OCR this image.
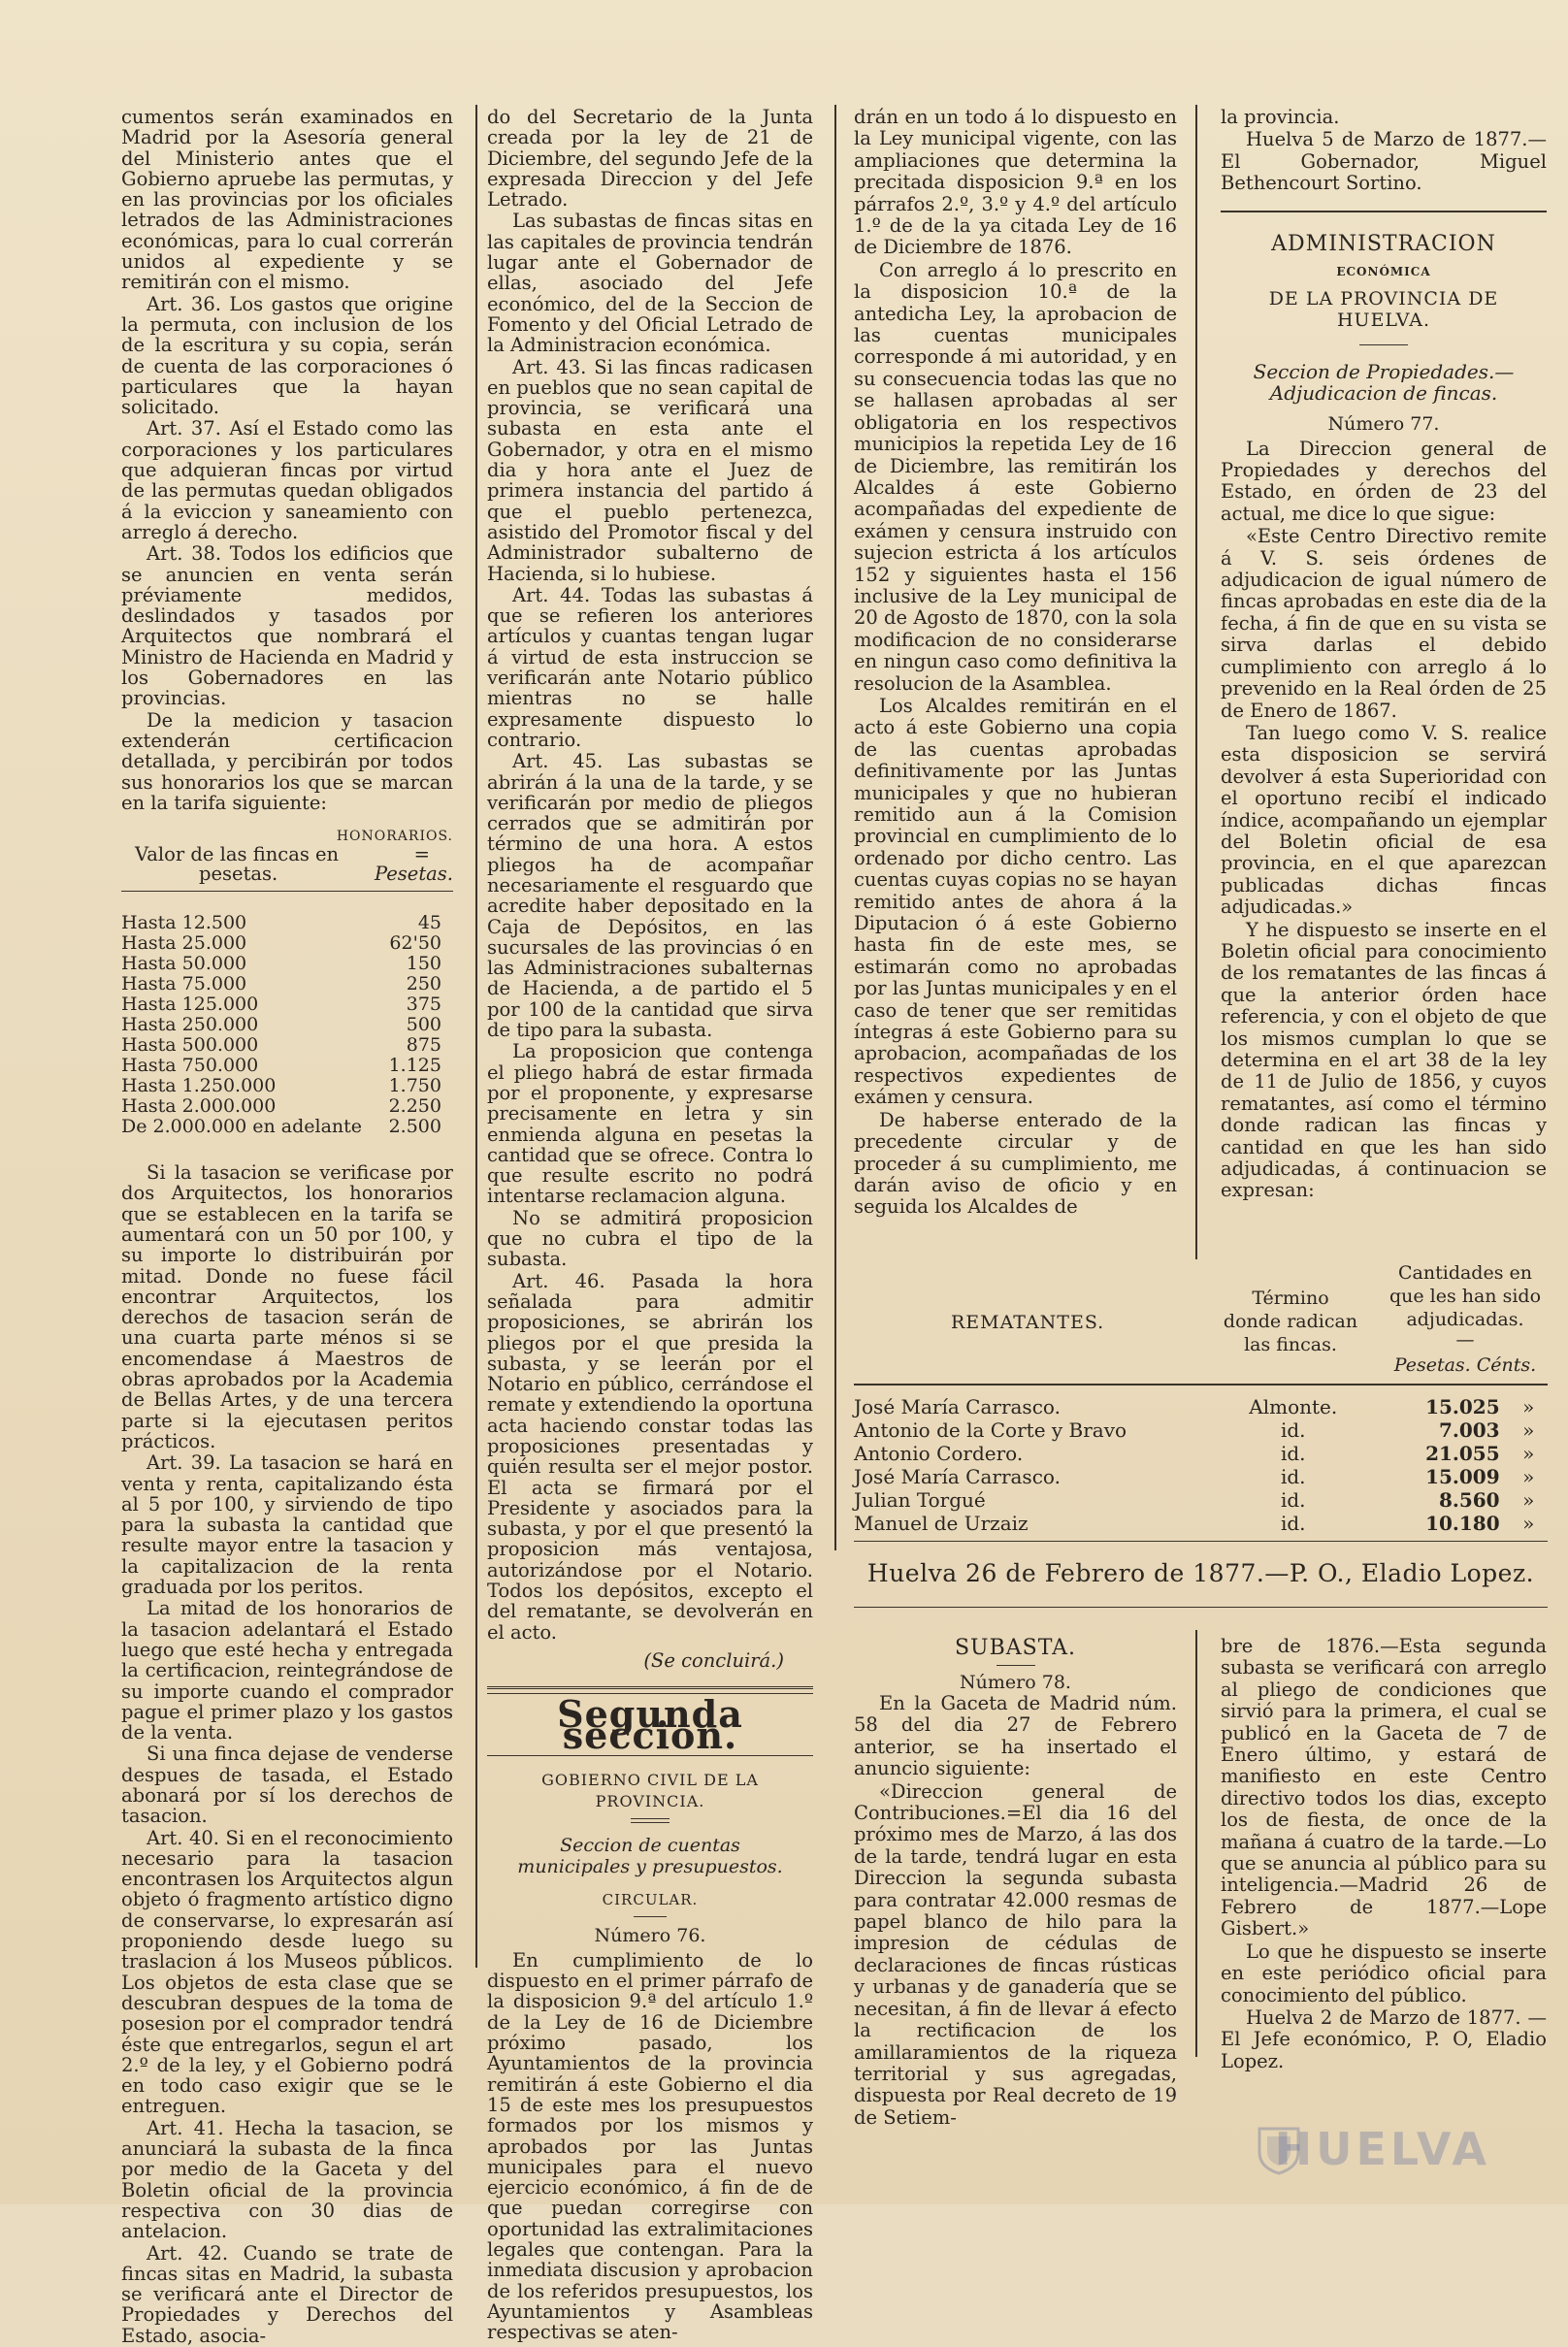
cumentos serán examinados en Madrid por la Asesoría general del Ministerio antes que el Gobierno apruebe las permutas, y en las provincias por los oficiales letrados de las Administraciones económicas, para lo cual correrán unidos al expediente y se remitirán con el mismo.

Art. 36. Los gastos que origine la permuta, con inclusion de los de la escritura y su copia, serán de cuenta de las corporaciones ó particulares que la hayan solicitado.

Art. 37. Así el Estado como las corporaciones y los particulares que adquieran fincas por virtud de las permutas quedan obligados á la eviccion y saneamiento con arreglo á derecho.

Art. 38. Todos los edificios que se anuncien en venta serán préviamente medidos, deslindados y tasados por Arquitectos que nombrará el Ministro de Hacienda en Madrid y los Gobernadores en las provincias.

De la medicion y tasacion extenderán certificacion detallada, y percibirán por todos sus honorarios los que se marcan en la tarifa siguiente:

HONORARIOS.
Valor de las fincas en	=
pesetas.	Pesetas.
Hasta 12.500	45
Hasta 25.000	62'50
Hasta 50.000	150
Hasta 75.000	250
Hasta 125.000	375
Hasta 250.000	500
Hasta 500.000	875
Hasta 750.000	1.125
Hasta 1.250.000	1.750
Hasta 2.000.000	2.250
De 2.000.000 en adelante	2.500

Si la tasacion se verificase por dos Arquitectos, los honorarios que se establecen en la tarifa se aumentará con un 50 por 100, y su importe lo distribuirán por mitad. Donde no fuese fácil encontrar Arquitectos, los derechos de tasacion serán de una cuarta parte ménos si se encomendase á Maestros de obras aprobados por la Academia de Bellas Artes, y de una tercera parte si la ejecutasen peritos prácticos.

Art. 39. La tasacion se hará en venta y renta, capitalizando ésta al 5 por 100, y sirviendo de tipo para la subasta la cantidad que resulte mayor entre la tasacion y la capitalizacion de la renta graduada por los peritos.

La mitad de los honorarios de la tasacion adelantará el Estado luego que esté hecha y entregada la certificacion, reintegrándose de su importe cuando el comprador pague el primer plazo y los gastos de la venta.

Si una finca dejase de venderse despues de tasada, el Estado abonará por sí los derechos de tasacion.

Art. 40. Si en el reconocimiento necesario para la tasacion encontrasen los Arquitectos algun objeto ó fragmento artístico digno de conservarse, lo expresarán así proponiendo desde luego su traslacion á los Museos públicos. Los objetos de esta clase que se descubran despues de la toma de posesion por el comprador tendrá éste que entregarlos, segun el art 2.º de la ley, y el Gobierno podrá en todo caso exigir que se le entreguen.

Art. 41. Hecha la tasacion, se anunciará la subasta de la finca por medio de la Gaceta y del Boletin oficial de la provincia respectiva con 30 dias de antelacion.

Art. 42. Cuando se trate de fincas sitas en Madrid, la subasta se verificará ante el Director de Propiedades y Derechos del Estado, asocia-

do del Secretario de la Junta creada por la ley de 21 de Diciembre, del segundo Jefe de la expresada Direccion y del Jefe Letrado.

Las subastas de fincas sitas en las capitales de provincia tendrán lugar ante el Gobernador de ellas, asociado del Jefe económico, del de la Seccion de Fomento y del Oficial Letrado de la Administracion económica.

Art. 43. Si las fincas radicasen en pueblos que no sean capital de provincia, se verificará una subasta en esta ante el Gobernador, y otra en el mismo dia y hora ante el Juez de primera instancia del partido á que el pueblo pertenezca, asistido del Promotor fiscal y del Administrador subalterno de Hacienda, si lo hubiese.

Art. 44. Todas las subastas á que se refieren los anteriores artículos y cuantas tengan lugar á virtud de esta instruccion se verificarán ante Notario público mientras no se halle expresamente dispuesto lo contrario.

Art. 45. Las subastas se abrirán á la una de la tarde, y se verificarán por medio de pliegos cerrados que se admitirán por término de una hora. A estos pliegos ha de acompañar necesariamente el resguardo que acredite haber depositado en la Caja de Depósitos, en las sucursales de las provincias ó en las Administraciones subalternas de Hacienda, a de partido el 5 por 100 de la cantidad que sirva de tipo para la subasta.

La proposicion que contenga el pliego habrá de estar firmada por el proponente, y expresarse precisamente en letra y sin enmienda alguna en pesetas la cantidad que se ofrece. Contra lo que resulte escrito no podrá intentarse reclamacion alguna.

No se admitirá proposicion que no cubra el tipo de la subasta.

Art. 46. Pasada la hora señalada para admitir proposiciones, se abrirán los pliegos por el que presida la subasta, y se leerán por el Notario en público, cerrándose el remate y extendiendo la oportuna acta haciendo constar todas las proposiciones presentadas y quién resulta ser el mejor postor. El acta se firmará por el Presidente y asociados para la subasta, y por el que presentó la proposicion más ventajosa, autorizándose por el Notario. Todos los depósitos, excepto el del rematante, se devolverán en el acto.

(Se concluirá.)

Segunda seccion.
GOBIERNO CIVIL DE LA PROVINCIA.
Seccion de cuentas municipales y presupuestos.
CIRCULAR.
Número 76.

En cumplimiento de lo dispuesto en el primer párrafo de la disposicion 9.ª del artículo 1.º de la Ley de 16 de Diciembre próximo pasado, los Ayuntamientos de la provincia remitirán á este Gobierno el dia 15 de este mes los presupuestos formados por los mismos y aprobados por las Juntas municipales para el nuevo ejercicio económico, á fin de de que puedan corregirse con oportunidad las extralimitaciones legales que contengan. Para la inmediata discusion y aprobacion de los referidos presupuestos, los Ayuntamientos y Asambleas respectivas se aten-

drán en un todo á lo dispuesto en la Ley municipal vigente, con las ampliaciones que determina la precitada disposicion 9.ª en los párrafos 2.º, 3.º y 4.º del artículo 1.º de de la ya citada Ley de 16 de Diciembre de 1876.

Con arreglo á lo prescrito en la disposicion 10.ª de la antedicha Ley, la aprobacion de las cuentas municipales corresponde á mi autoridad, y en su consecuencia todas las que no se hallasen aprobadas al ser obligatoria en los respectivos municipios la repetida Ley de 16 de Diciembre, las remitirán los Alcaldes á este Gobierno acompañadas del expediente de exámen y censura instruido con sujecion estricta á los artículos 152 y siguientes hasta el 156 inclusive de la Ley municipal de 20 de Agosto de 1870, con la sola modificacion de no considerarse en ningun caso como definitiva la resolucion de la Asamblea.

Los Alcaldes remitirán en el acto á este Gobierno una copia de las cuentas aprobadas definitivamente por las Juntas municipales y que no hubieran remitido aun á la Comision provincial en cumplimiento de lo ordenado por dicho centro. Las cuentas cuyas copias no se hayan remitido antes de ahora á la Diputacion ó á este Gobierno hasta fin de este mes, se estimarán como no aprobadas por las Juntas municipales y en el caso de tener que ser remitidas íntegras á este Gobierno para su aprobacion, acompañadas de los respectivos expedientes de exámen y censura.

De haberse enterado de la precedente circular y de proceder á su cumplimiento, me darán aviso de oficio y en seguida los Alcaldes de

la provincia.

Huelva 5 de Marzo de 1877.— El Gobernador, Miguel Bethencourt Sortino.

ADMINISTRACION
ECONÓMICA
DE LA PROVINCIA DE HUELVA.
Seccion de Propiedades.—Adjudicacion de fincas.
Número 77.

La Direccion general de Propiedades y derechos del Estado, en órden de 23 del actual, me dice lo que sigue:

«Este Centro Directivo remite á V. S. seis órdenes de adjudicacion de igual número de fincas aprobadas en este dia de la fecha, á fin de que en su vista se sirva darlas el debido cumplimiento con arreglo á lo prevenido en la Real órden de 25 de Enero de 1867.

Tan luego como V. S. realice esta disposicion se servirá devolver á esta Superioridad con el oportuno recibí el indicado índice, acompañando un ejemplar del Boletin oficial de esa provincia, en el que aparezcan publicadas dichas fincas adjudicadas.»

Y he dispuesto se inserte en el Boletin oficial para conocimiento de los rematantes de las fincas á que la anterior órden hace referencia, y con el objeto de que los mismos cumplan lo que se determina en el art 38 de la ley de 11 de Julio de 1856, y cuyos rematantes, así como el término donde radican las fincas y cantidad en que les han sido adjudicadas, á continuacion se expresan:

REMATANTES.
Término donde radican las fincas.
Cantidades en que les han sido adjudicadas.
—
Pesetas. Cénts.
José María Carrasco.	Almonte.	15.025	»
Antonio de la Corte y Bravo	id.	7.003	»
Antonio Cordero.	id.	21.055	»
José María Carrasco.	id.	15.009	»
Julian Torgué	id.	8.560	»
Manuel de Urzaiz	id.	10.180	»
Huelva 26 de Febrero de 1877.—P. O., Eladio Lopez.
SUBASTA.
Número 78.

En la Gaceta de Madrid núm. 58 del dia 27 de Febrero anterior, se ha insertado el anuncio siguiente:

«Direccion general de Contribuciones.=El dia 16 del próximo mes de Marzo, á las dos de la tarde, tendrá lugar en esta Direccion la segunda subasta para contratar 42.000 resmas de papel blanco de hilo para la impresion de cédulas de declaraciones de fincas rústicas y urbanas y de ganadería que se necesitan, á fin de llevar á efecto la rectificacion de los amillaramientos de la riqueza territorial y sus agregadas, dispuesta por Real decreto de 19 de Setiem-

bre de 1876.—Esta segunda subasta se verificará con arreglo al pliego de condiciones que sirvió para la primera, el cual se publicó en la Gaceta de 7 de Enero último, y estará de manifiesto en este Centro directivo todos los dias, excepto los de fiesta, de once de la mañana á cuatro de la tarde.—Lo que se anuncia al público para su inteligencia.—Madrid 26 de Febrero de 1877.—Lope Gisbert.»

Lo que he dispuesto se inserte en este periódico oficial para conocimiento del público.

Huelva 2 de Marzo de 1877. —El Jefe económico, P. O, Eladio Lopez.

HUELVA
